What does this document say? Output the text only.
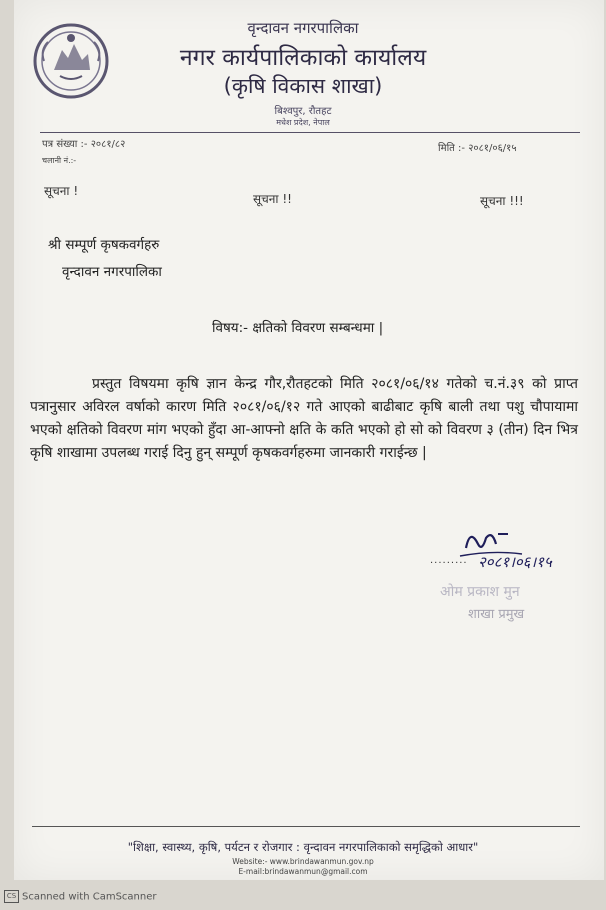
वृन्दावन नगरपालिका
नगर कार्यपालिकाको कार्यालय
(कृषि विकास शाखा)
बिश्वपुर, रौतहट
मधेश प्रदेश, नेपाल
पत्र संख्या :- २०८१/८२
चलानी नं.:-
मिति :- २०८१/०६/१५
सूचना !
सूचना !!	सूचना !!!
श्री सम्पूर्ण कृषकवर्गहरु
वृन्दावन नगरपालिका
विषय:- क्षतिको विवरण सम्बन्धमा |
प्रस्तुत विषयमा कृषि ज्ञान केन्द्र गौर,रौतहटको मिति २०८१/०६/१४ गतेको च.नं.३९ को प्राप्त पत्रानुसार अविरल वर्षाको कारण मिति २०८१/०६/१२ गते आएको बाढीबाट कृषि बाली तथा पशु चौपायामा भएको क्षतिको विवरण मांग भएको हुँदा आ-आफ्नो क्षति के कति भएको हो सो को विवरण ३ (तीन) दिन भित्र कृषि शाखामा उपलब्ध गराई दिनु हुन् सम्पूर्ण कृषकवर्गहरुमा जानकारी गराईन्छ |
......... २०८१।०६।१५
ओम प्रकाश मुन
शाखा प्रमुख
"शिक्षा, स्वास्थ्य, कृषि, पर्यटन र रोजगार : वृन्दावन नगरपालिकाको समृद्धिको आधार"
Website:- www.brindawanmun.gov.np
E-mail:brindawanmun@gmail.com
CS Scanned with CamScanner
